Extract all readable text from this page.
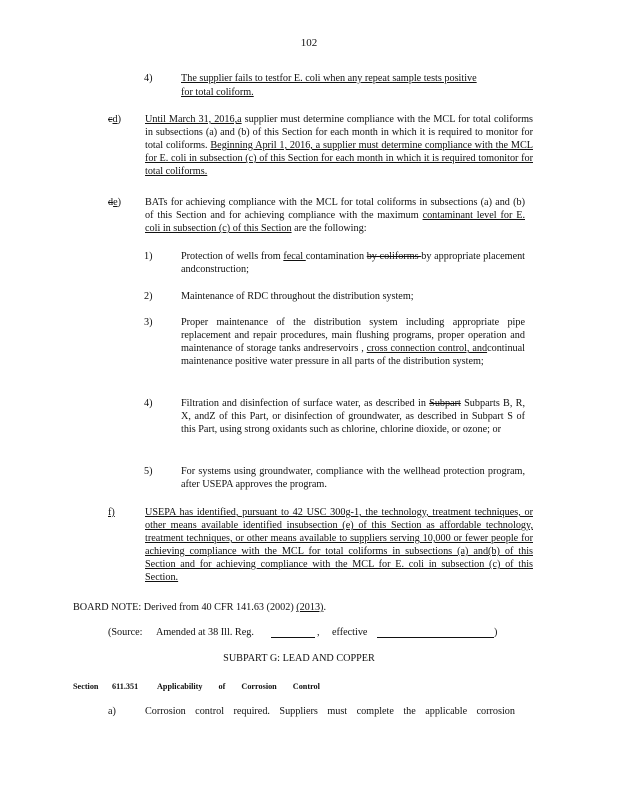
102
4)	The supplier fails to testfor E. coli when any repeat sample tests positive
for total coliform.
cd) Until March 31, 2016,a supplier must determine compliance with the MCL for total coliforms in subsections (a) and (b) of this Section for each month in which it is required to monitor for total coliforms. Beginning April 1, 2016, a supplier must determine compliance with the MCL for E. coli in subsection (c) of this Section for each month in which it is required tomonitor for total coliforms.
de) BATs for achieving compliance with the MCL for total coliforms in subsections (a) and (b) of this Section and for achieving compliance with the maximum contaminant level for E. coli in subsection (c) of this Section are the following:
1)	Protection of wells from fecal contamination by coliforms by appropriate placement andconstruction;
2)	Maintenance of RDC throughout the distribution system;
3)	Proper maintenance of the distribution system including appropriate pipe replacement and repair procedures, main flushing programs, proper operation and maintenance of storage tanks andreservoirs , cross connection control, andcontinual maintenance positive water pressure in all parts of the distribution system;
4)	Filtration and disinfection of surface water, as described in Subpart Subparts B, R, X, andZ of this Part, or disinfection of groundwater, as described in Subpart S of this Part, using strong oxidants such as chlorine, chlorine dioxide, or ozone; or
5)	For systems using groundwater, compliance with the wellhead protection program, after USEPA approves the program.
f)	USEPA has identified, pursuant to 42 USC 300g-1, the technology, treatment techniques, or other means available identified insubsection (e) of this Section as affordable technology, treatment techniques, or other means available to suppliers serving 10,000 or fewer people for achieving compliance with the MCL for total coliforms in subsections (a) and(b) of this Section and for achieving compliance with the MCL for E. coli in subsection (c) of this Section.
BOARD NOTE: Derived from 40 CFR 141.63 (2002) (2013).
(Source: Amended at 38 Ill. Reg.	, effective	)
SUBPART G: LEAD AND COPPER
Section 611.351 Applicability of Corrosion Control
a)	Corrosion control required. Suppliers must complete the applicable corrosion
